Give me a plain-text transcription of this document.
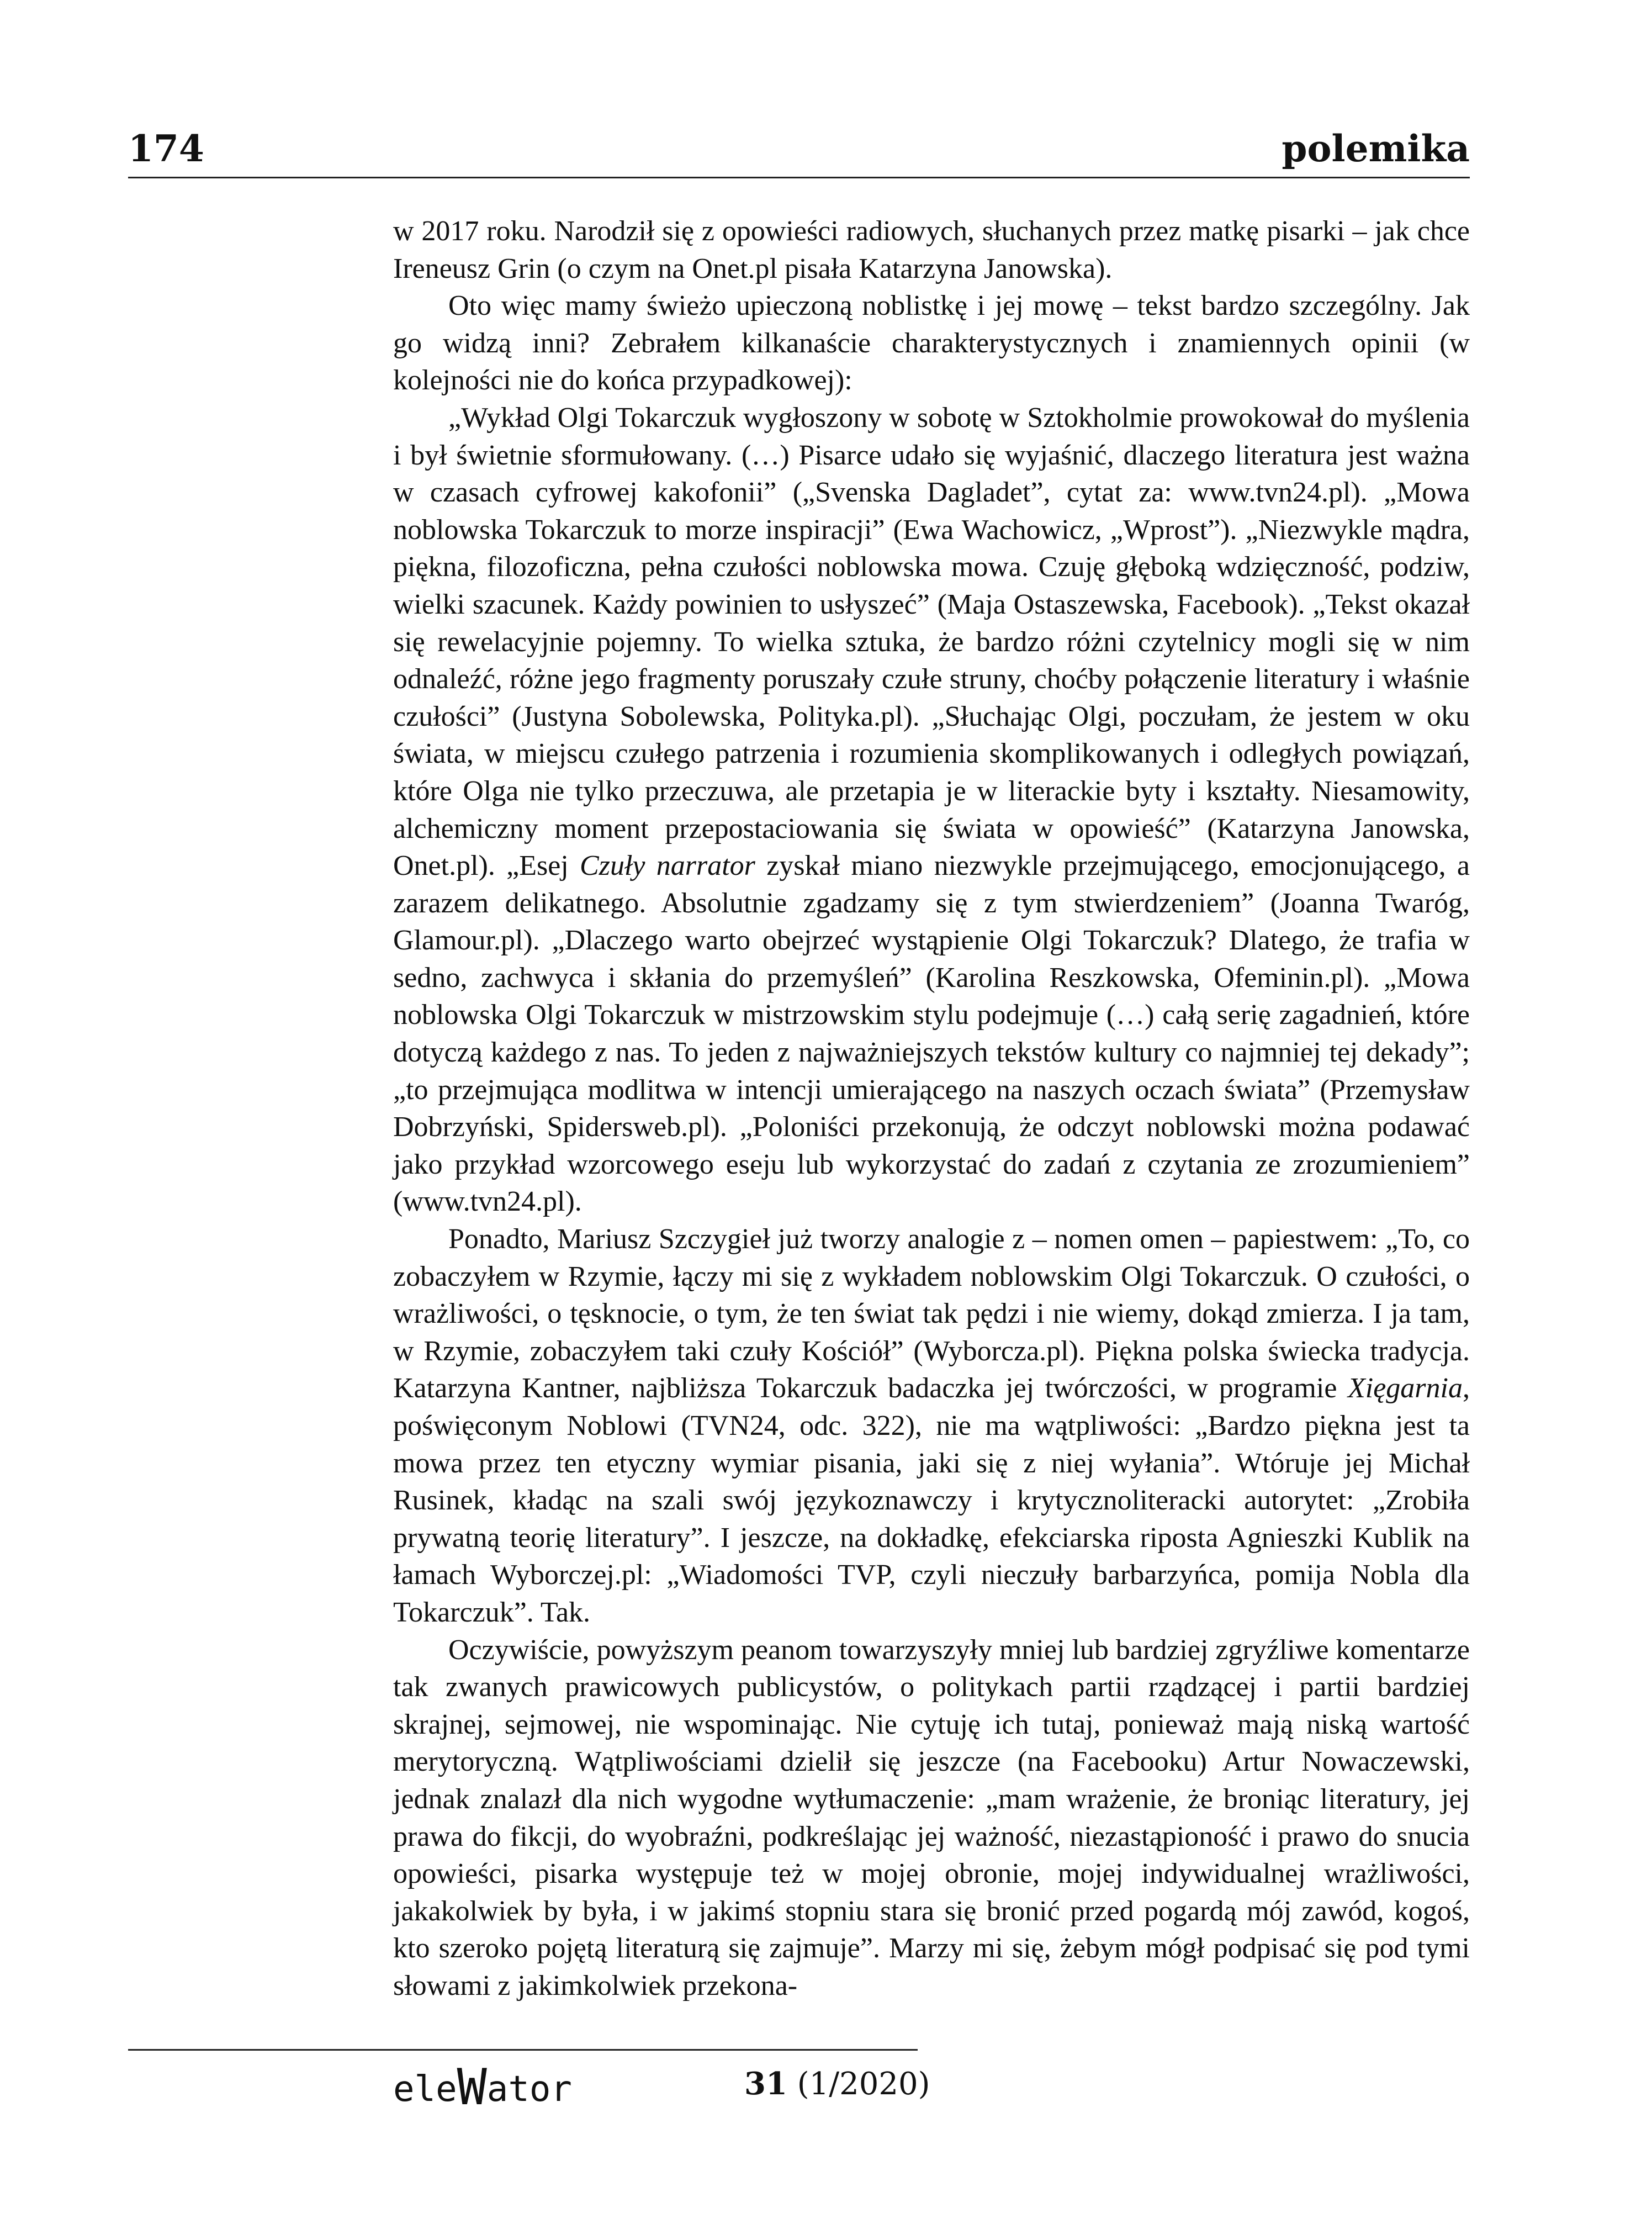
174	polemika

w 2017 roku. Narodził się z opowieści radiowych, słuchanych przez matkę pisarki – jak chce Ireneusz Grin (o czym na Onet.pl pisała Katarzyna Janowska).

Oto więc mamy świeżo upieczoną noblistkę i jej mowę – tekst bardzo szczególny. Jak go widzą inni? Zebrałem kilkanaście charakterystycznych i znamiennych opinii (w kolejności nie do końca przypadkowej):

„Wykład Olgi Tokarczuk wygłoszony w sobotę w Sztokholmie prowokował do myślenia i był świetnie sformułowany. (…) Pisarce udało się wyjaśnić, dlaczego literatura jest ważna w czasach cyfrowej kakofonii” („Svenska Dagladet”, cytat za: www.tvn24.pl). „Mowa noblowska Tokarczuk to morze inspiracji” (Ewa Wachowicz, „Wprost”). „Niezwykle mądra, piękna, filozoficzna, pełna czułości noblowska mowa. Czuję głęboką wdzięczność, podziw, wielki szacunek. Każdy powinien to usłyszeć” (Maja Ostaszewska, Facebook). „Tekst okazał się rewelacyjnie pojemny. To wielka sztuka, że bardzo różni czytelnicy mogli się w nim odnaleźć, różne jego fragmenty poruszały czułe struny, choćby połączenie literatury i właśnie czułości” (Justyna Sobolewska, Polityka.pl). „Słuchając Olgi, poczułam, że jestem w oku świata, w miejscu czułego patrzenia i rozumienia skomplikowanych i odległych powiązań, które Olga nie tylko przeczuwa, ale przetapia je w literackie byty i kształty. Niesamowity, alchemiczny moment przepostaciowania się świata w opowieść” (Katarzyna Janowska, Onet.pl). „Esej Czuły narrator zyskał miano niezwykle przejmującego, emocjonującego, a zarazem delikatnego. Absolutnie zgadzamy się z tym stwierdzeniem” (Joanna Twaróg, Glamour.pl). „Dlaczego warto obejrzeć wystąpienie Olgi Tokarczuk? Dlatego, że trafia w sedno, zachwyca i skłania do przemyśleń” (Karolina Reszkowska, Ofeminin.pl). „Mowa noblowska Olgi Tokarczuk w mistrzowskim stylu podejmuje (…) całą serię zagadnień, które dotyczą każdego z nas. To jeden z najważniejszych tekstów kultury co najmniej tej dekady”; „to przejmująca modlitwa w intencji umierającego na naszych oczach świata” (Przemysław Dobrzyński, Spidersweb.pl). „Poloniści przekonują, że odczyt noblowski można podawać jako przykład wzorcowego eseju lub wykorzystać do zadań z czytania ze zrozumieniem” (www.tvn24.pl).

Ponadto, Mariusz Szczygieł już tworzy analogie z – nomen omen – papiestwem: „To, co zobaczyłem w Rzymie, łączy mi się z wykładem noblowskim Olgi Tokarczuk. O czułości, o wrażliwości, o tęsknocie, o tym, że ten świat tak pędzi i nie wiemy, dokąd zmierza. I ja tam, w Rzymie, zobaczyłem taki czuły Kościół” (Wyborcza.pl). Piękna polska świecka tradycja. Katarzyna Kantner, najbliższa Tokarczuk badaczka jej twórczości, w programie Xięgarnia, poświęconym Noblowi (TVN24, odc. 322), nie ma wątpliwości: „Bardzo piękna jest ta mowa przez ten etyczny wymiar pisania, jaki się z niej wyłania”. Wtóruje jej Michał Rusinek, kładąc na szali swój językoznawczy i krytycznoliteracki autorytet: „Zrobiła prywatną teorię literatury”. I jeszcze, na dokładkę, efekciarska riposta Agnieszki Kublik na łamach Wyborczej.pl: „Wiadomości TVP, czyli nieczuły barbarzyńca, pomija Nobla dla Tokarczuk”. Tak.

Oczywiście, powyższym peanom towarzyszyły mniej lub bardziej zgryźliwe komentarze tak zwanych prawicowych publicystów, o politykach partii rządzącej i partii bardziej skrajnej, sejmowej, nie wspominając. Nie cytuję ich tutaj, ponieważ mają niską wartość merytoryczną. Wątpliwościami dzielił się jeszcze (na Facebooku) Artur Nowaczewski, jednak znalazł dla nich wygodne wytłumaczenie: „mam wrażenie, że broniąc literatury, jej prawa do fikcji, do wyobraźni, podkreślając jej ważność, niezastąpioność i prawo do snucia opowieści, pisarka występuje też w mojej obronie, mojej indywidualnej wrażliwości, jakakolwiek by była, i w jakimś stopniu stara się bronić przed pogardą mój zawód, kogoś, kto szeroko pojętą literaturą się zajmuje”. Marzy mi się, żebym mógł podpisać się pod tymi słowami z jakimkolwiek przekona-

eleWator	31 (1/2020)
